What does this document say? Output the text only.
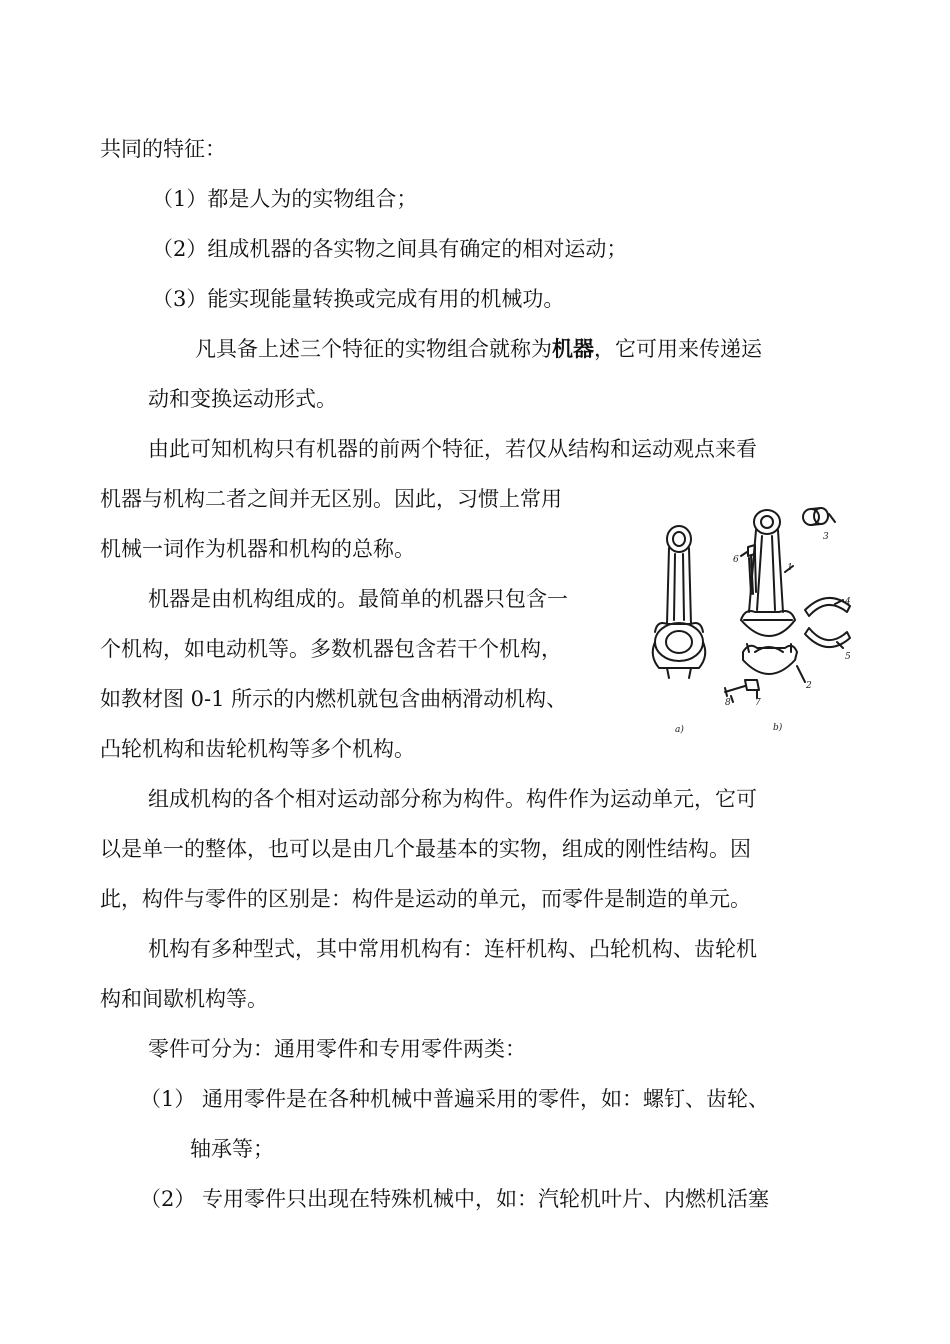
共同的特征：
（1）都是人为的实物组合；
（2）组成机器的各实物之间具有确定的相对运动；
（3）能实现能量转换或完成有用的机械功。
凡具备上述三个特征的实物组合就称为机器，它可用来传递运
动和变换运动形式。
由此可知机构只有机器的前两个特征，若仅从结构和运动观点来看
机器与机构二者之间并无区别。因此，习惯上常用
机械一词作为机器和机构的总称。
机器是由机构组成的。最简单的机器只包含一
个机构，如电动机等。多数机器包含若干个机构，
如教材图 0-1 所示的内燃机就包含曲柄滑动机构、
凸轮机构和齿轮机构等多个机构。
组成机构的各个相对运动部分称为构件。构件作为运动单元，它可
以是单一的整体，也可以是由几个最基本的实物，组成的刚性结构。因
此，构件与零件的区别是：构件是运动的单元，而零件是制造的单元。
机构有多种型式，其中常用机构有：连杆机构、凸轮机构、齿轮机
构和间歇机构等。
零件可分为：通用零件和专用零件两类：
（1） 通用零件是在各种机械中普遍采用的零件，如：螺钉、齿轮、
轴承等；
（2） 专用零件只出现在特殊机械中，如：汽轮机叶片、内燃机活塞
1
2
3
4
5
6
7
8
a)	b)
